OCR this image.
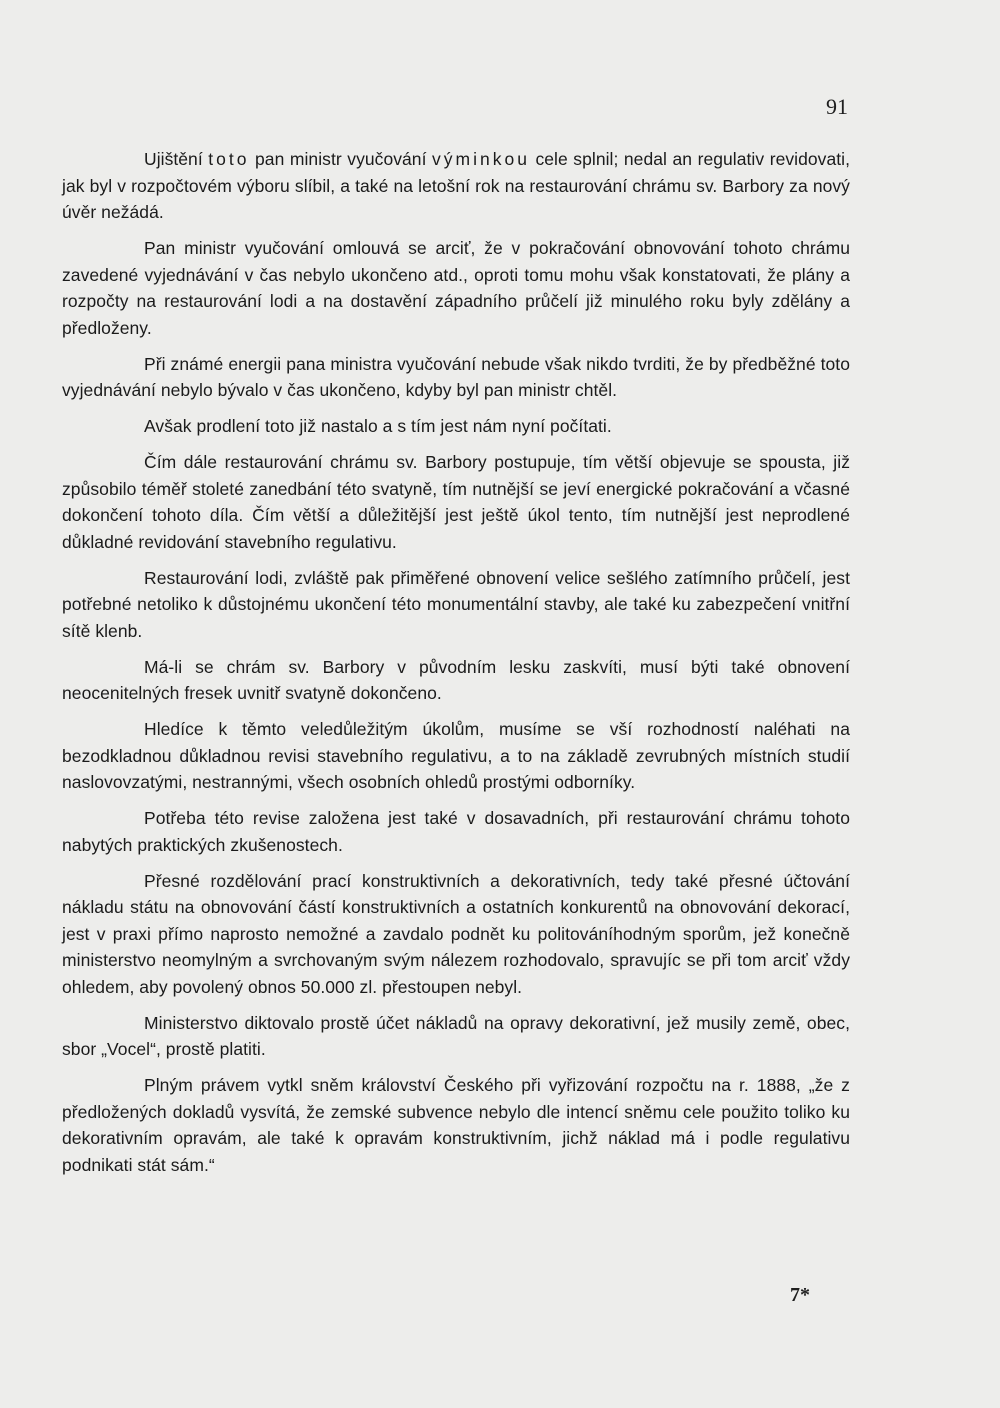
91

Ujištění toto pan ministr vyučování výminkou cele splnil; nedal an regulativ revidovati, jak byl v rozpočtovém výboru slíbil, a také na letošní rok na restaurování chrámu sv. Barbory za nový úvěr nežádá.

Pan ministr vyučování omlouvá se arciť, že v pokračování obnovování tohoto chrámu zavedené vyjednávání v čas nebylo ukončeno atd., oproti tomu mohu však konstatovati, že plány a rozpočty na restaurování lodi a na dostavění západního průčelí již minulého roku byly zdělány a předloženy.

Při známé energii pana ministra vyučování nebude však nikdo tvrditi, že by předběžné toto vyjednávání nebylo bývalo v čas ukončeno, kdyby byl pan ministr chtěl.

Avšak prodlení toto již nastalo a s tím jest nám nyní počítati.

Čím dále restaurování chrámu sv. Barbory postupuje, tím větší objevuje se spousta, již způsobilo téměř stoleté zanedbání této svatyně, tím nutnější se jeví energické pokračování a včasné dokončení tohoto díla. Čím větší a důležitější jest ještě úkol tento, tím nutnější jest neprodlené důkladné revidování stavebního regulativu.

Restaurování lodi, zvláště pak přiměřené obnovení velice sešlého zatímního průčelí, jest potřebné netoliko k důstojnému ukončení této monumentální stavby, ale také ku zabezpečení vnitřní sítě klenb.

Má-li se chrám sv. Barbory v původním lesku zaskvíti, musí býti také obnovení neocenitelných fresek uvnitř svatyně dokončeno.

Hledíce k těmto veledůležitým úkolům, musíme se vší rozhodností naléhati na bezodkladnou důkladnou revisi stavebního regulativu, a to na základě zevrubných místních studií naslovovzatými, nestrannými, všech osobních ohledů prostými odborníky.

Potřeba této revise založena jest také v dosavadních, při restaurování chrámu tohoto nabytých praktických zkušenostech.

Přesné rozdělování prací konstruktivních a dekorativních, tedy také přesné účtování nákladu státu na obnovování částí konstruktivních a ostatních konkurentů na obnovování dekorací, jest v praxi přímo naprosto nemožné a zavdalo podnět ku politováníhodným sporům, jež konečně ministerstvo neomylným a svrchovaným svým nálezem rozhodovalo, spravujíc se při tom arciť vždy ohledem, aby povolený obnos 50.000 zl. přestoupen nebyl.

Ministerstvo diktovalo prostě účet nákladů na opravy dekorativní, jež musily země, obec, sbor „Vocel“, prostě platiti.

Plným právem vytkl sněm království Českého při vyřizování rozpočtu na r. 1888, „že z předložených dokladů vysvítá, že zemské subvence nebylo dle intencí sněmu cele použito toliko ku dekorativním opravám, ale také k opravám konstruktivním, jichž náklad má i podle regulativu podnikati stát sám.“

7*
